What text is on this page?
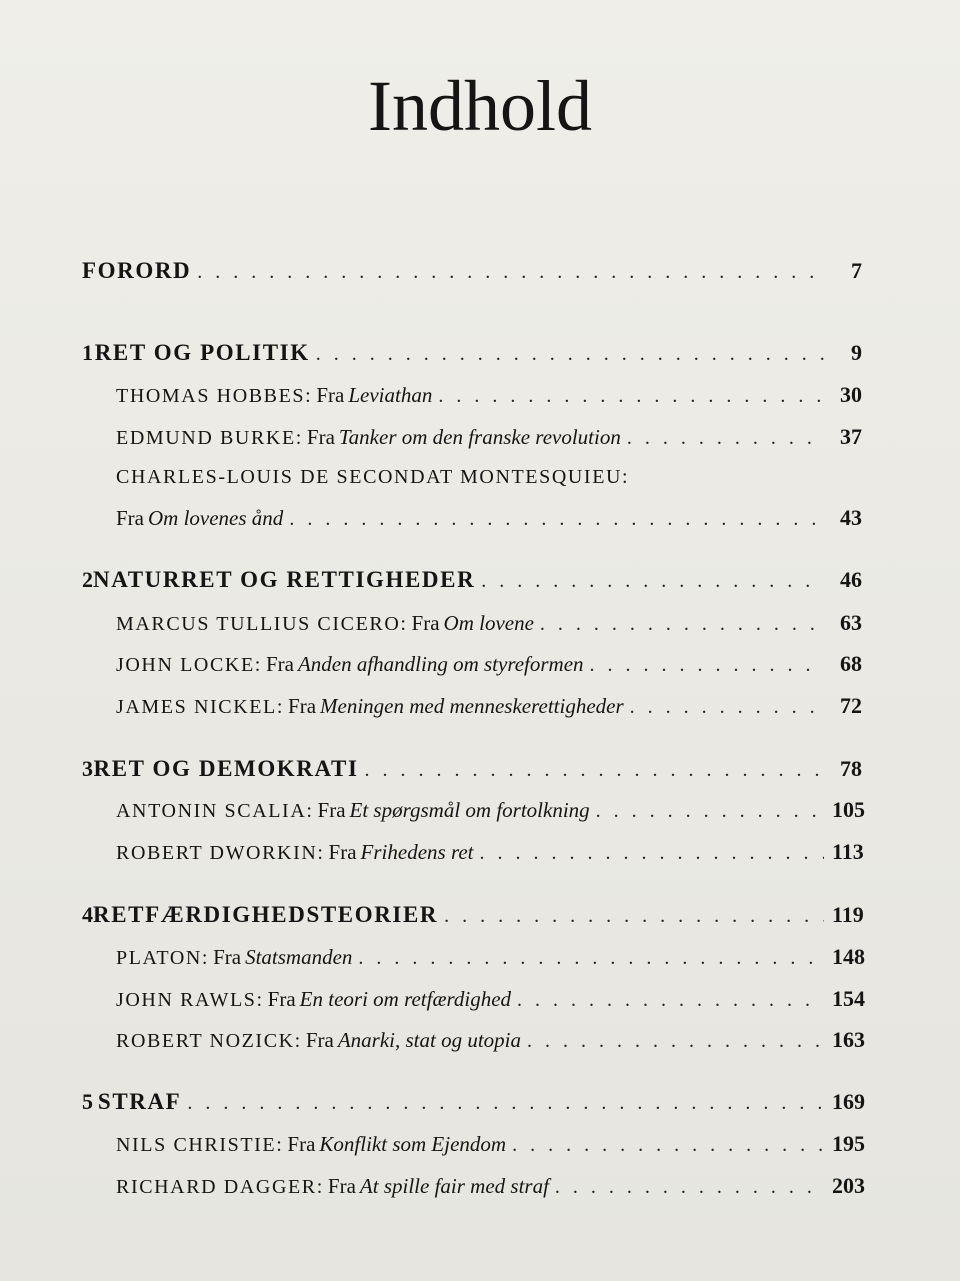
Indhold
FORORD . . .	7
1 RET OG POLITIK . . .	9
THOMAS HOBBES:
Fra
Leviathan . . .	30
EDMUND BURKE:
Fra
Tanker om den franske revolution . . .	37
CHARLES-LOUIS DE SECONDAT MONTESQUIEU:
Fra
Om lovenes ånd . . .	43
2 NATURRET OG RETTIGHEDER . . .	46
MARCUS TULLIUS CICERO:
Fra
Om lovene . . .	63
JOHN LOCKE:
Fra
Anden afhandling om styreformen . . .	68
JAMES NICKEL:
Fra
Meningen med menneskerettigheder . . .	72
3 RET OG DEMOKRATI . . .	78
ANTONIN SCALIA:
Fra
Et spørgsmål om fortolkning . . .	105
ROBERT DWORKIN:
Fra
Frihedens ret . . .	113
4 RETFÆRDIGHEDSTEORIER . . .	119
PLATON:
Fra
Statsmanden . . .	148
JOHN RAWLS:
Fra
En teori om retfærdighed . . .	154
ROBERT NOZICK:
Fra
Anarki, stat og utopia . . .	163
5 STRAF . . .	169
NILS CHRISTIE:
Fra
Konflikt som Ejendom . . .	195
RICHARD DAGGER:
Fra
At spille fair med straf . . .	203
